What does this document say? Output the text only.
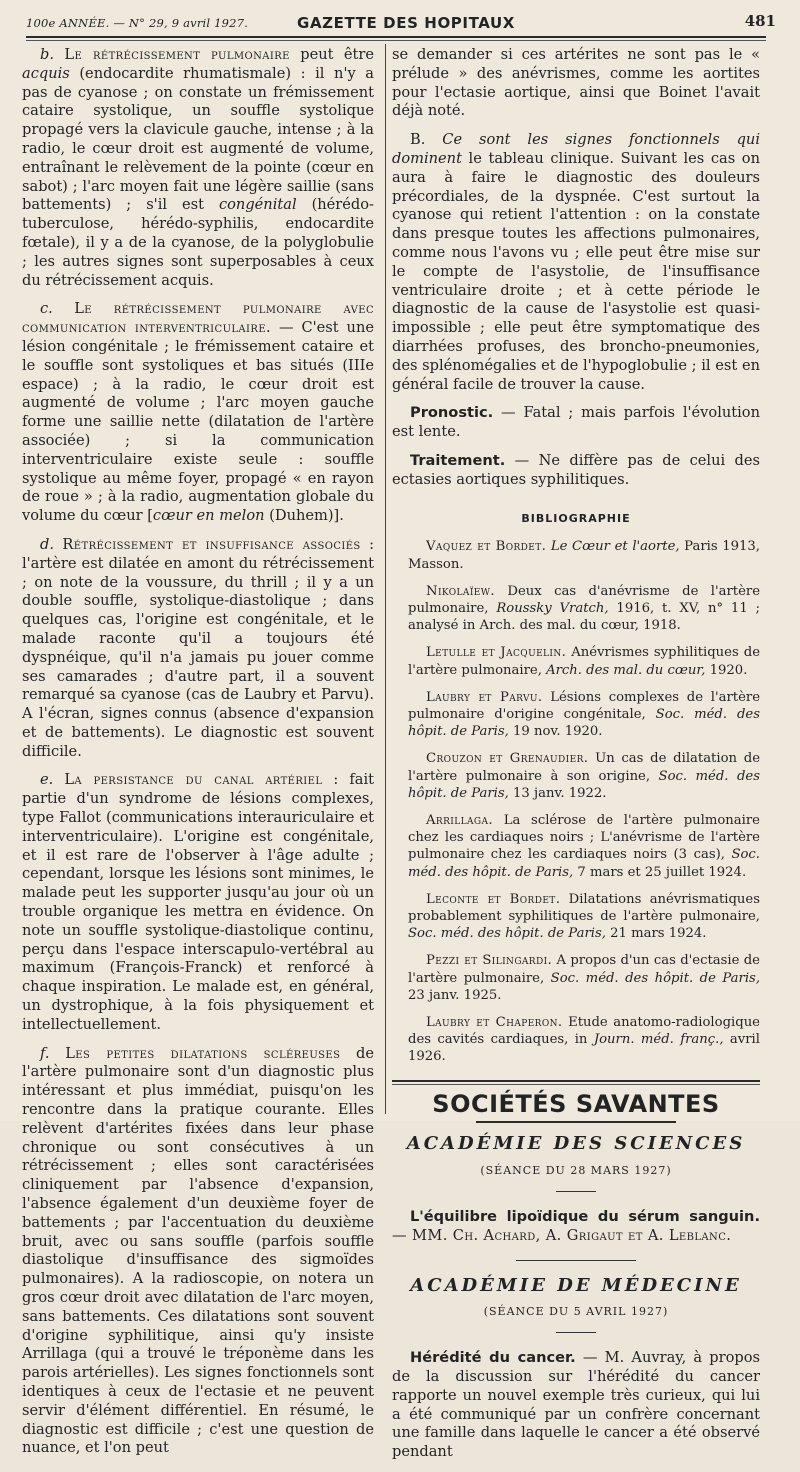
100e ANNÉE. — N° 29, 9 avril 1927.	GAZETTE DES HOPITAUX	481

b. Le rétrécissement pulmonaire peut être acquis (endocardite rhumatismale) : il n'y a pas de cyanose ; on constate un frémissement cataire systolique, un souffle systolique propagé vers la clavicule gauche, intense ; à la radio, le cœur droit est augmenté de volume, entraînant le relèvement de la pointe (cœur en sabot) ; l'arc moyen fait une légère saillie (sans battements) ; s'il est congénital (hérédo-tuberculose, hérédo-syphilis, endocardite fœtale), il y a de la cyanose, de la polyglobulie ; les autres signes sont superposables à ceux du rétrécissement acquis.

c. Le rétrécissement pulmonaire avec communication interventriculaire. — C'est une lésion congénitale ; le frémissement cataire et le souffle sont systoliques et bas situés (IIIe espace) ; à la radio, le cœur droit est augmenté de volume ; l'arc moyen gauche forme une saillie nette (dilatation de l'artère associée) ; si la communication interventriculaire existe seule : souffle systolique au même foyer, propagé « en rayon de roue » ; à la radio, augmentation globale du volume du cœur [cœur en melon (Duhem)].

d. Rétrécissement et insuffisance associés : l'artère est dilatée en amont du rétrécissement ; on note de la voussure, du thrill ; il y a un double souffle, systolique-diastolique ; dans quelques cas, l'origine est congénitale, et le malade raconte qu'il a toujours été dyspnéique, qu'il n'a jamais pu jouer comme ses camarades ; d'autre part, il a souvent remarqué sa cyanose (cas de Laubry et Parvu). A l'écran, signes connus (absence d'expansion et de battements). Le diagnostic est souvent difficile.

e. La persistance du canal artériel : fait partie d'un syndrome de lésions complexes, type Fallot (communications interauriculaire et interventriculaire). L'origine est congénitale, et il est rare de l'observer à l'âge adulte ; cependant, lorsque les lésions sont minimes, le malade peut les supporter jusqu'au jour où un trouble organique les mettra en évidence. On note un souffle systolique-diastolique continu, perçu dans l'espace interscapulo-vertébral au maximum (François-Franck) et renforcé à chaque inspiration. Le malade est, en général, un dystrophique, à la fois physiquement et intellectuellement.

f. Les petites dilatations scléreuses de l'artère pulmonaire sont d'un diagnostic plus intéressant et plus immédiat, puisqu'on les rencontre dans la pratique courante. Elles relèvent d'artérites fixées dans leur phase chronique ou sont consécutives à un rétrécissement ; elles sont caractérisées cliniquement par l'absence d'expansion, l'absence également d'un deuxième foyer de battements ; par l'accentuation du deuxième bruit, avec ou sans souffle (parfois souffle diastolique d'insuffisance des sigmoïdes pulmonaires). A la radioscopie, on notera un gros cœur droit avec dilatation de l'arc moyen, sans battements. Ces dilatations sont souvent d'origine syphilitique, ainsi qu'y insiste Arrillaga (qui a trouvé le tréponème dans les parois artérielles). Les signes fonctionnels sont identiques à ceux de l'ectasie et ne peuvent servir d'élément différentiel. En résumé, le diagnostic est difficile ; c'est une question de nuance, et l'on peut

se demander si ces artérites ne sont pas le « prélude » des anévrismes, comme les aortites pour l'ectasie aortique, ainsi que Boinet l'avait déjà noté.

B. Ce sont les signes fonctionnels qui dominent le tableau clinique. Suivant les cas on aura à faire le diagnostic des douleurs précordiales, de la dyspnée. C'est surtout la cyanose qui retient l'attention : on la constate dans presque toutes les affections pulmonaires, comme nous l'avons vu ; elle peut être mise sur le compte de l'asystolie, de l'insuffisance ventriculaire droite ; et à cette période le diagnostic de la cause de l'asystolie est quasi-impossible ; elle peut être symptomatique des diarrhées profuses, des broncho-pneumonies, des splénomégalies et de l'hypoglobulie ; il est en général facile de trouver la cause.

Pronostic. — Fatal ; mais parfois l'évolution est lente.

Traitement. — Ne diffère pas de celui des ectasies aortiques syphilitiques.

BIBLIOGRAPHIE

Vaquez et Bordet. Le Cœur et l'aorte, Paris 1913, Masson.

Nikolaïew. Deux cas d'anévrisme de l'artère pulmonaire, Roussky Vratch, 1916, t. XV, n° 11 ; analysé in Arch. des mal. du cœur, 1918.

Letulle et Jacquelin. Anévrismes syphilitiques de l'artère pulmonaire, Arch. des mal. du cœur, 1920.

Laubry et Parvu. Lésions complexes de l'artère pulmonaire d'origine congénitale, Soc. méd. des hôpit. de Paris, 19 nov. 1920.

Crouzon et Grenaudier. Un cas de dilatation de l'artère pulmonaire à son origine, Soc. méd. des hôpit. de Paris, 13 janv. 1922.

Arrillaga. La sclérose de l'artère pulmonaire chez les cardiaques noirs ; L'anévrisme de l'artère pulmonaire chez les cardiaques noirs (3 cas), Soc. méd. des hôpit. de Paris, 7 mars et 25 juillet 1924.

Leconte et Bordet. Dilatations anévrismatiques probablement syphilitiques de l'artère pulmonaire, Soc. méd. des hôpit. de Paris, 21 mars 1924.

Pezzi et Silingardi. A propos d'un cas d'ectasie de l'artère pulmonaire, Soc. méd. des hôpit. de Paris, 23 janv. 1925.

Laubry et Chaperon. Etude anatomo-radiologique des cavités cardiaques, in Journ. méd. franç., avril 1926.

SOCIÉTÉS SAVANTES
ACADÉMIE DES SCIENCES
(SÉANCE DU 28 MARS 1927)

L'équilibre lipoïdique du sérum sanguin. — MM. Ch. Achard, A. Grigaut et A. Leblanc.

ACADÉMIE DE MÉDECINE
(SÉANCE DU 5 AVRIL 1927)

Hérédité du cancer. — M. Auvray, à propos de la discussion sur l'hérédité du cancer rapporte un nouvel exemple très curieux, qui lui a été communiqué par un confrère concernant une famille dans laquelle le cancer a été observé pendant
